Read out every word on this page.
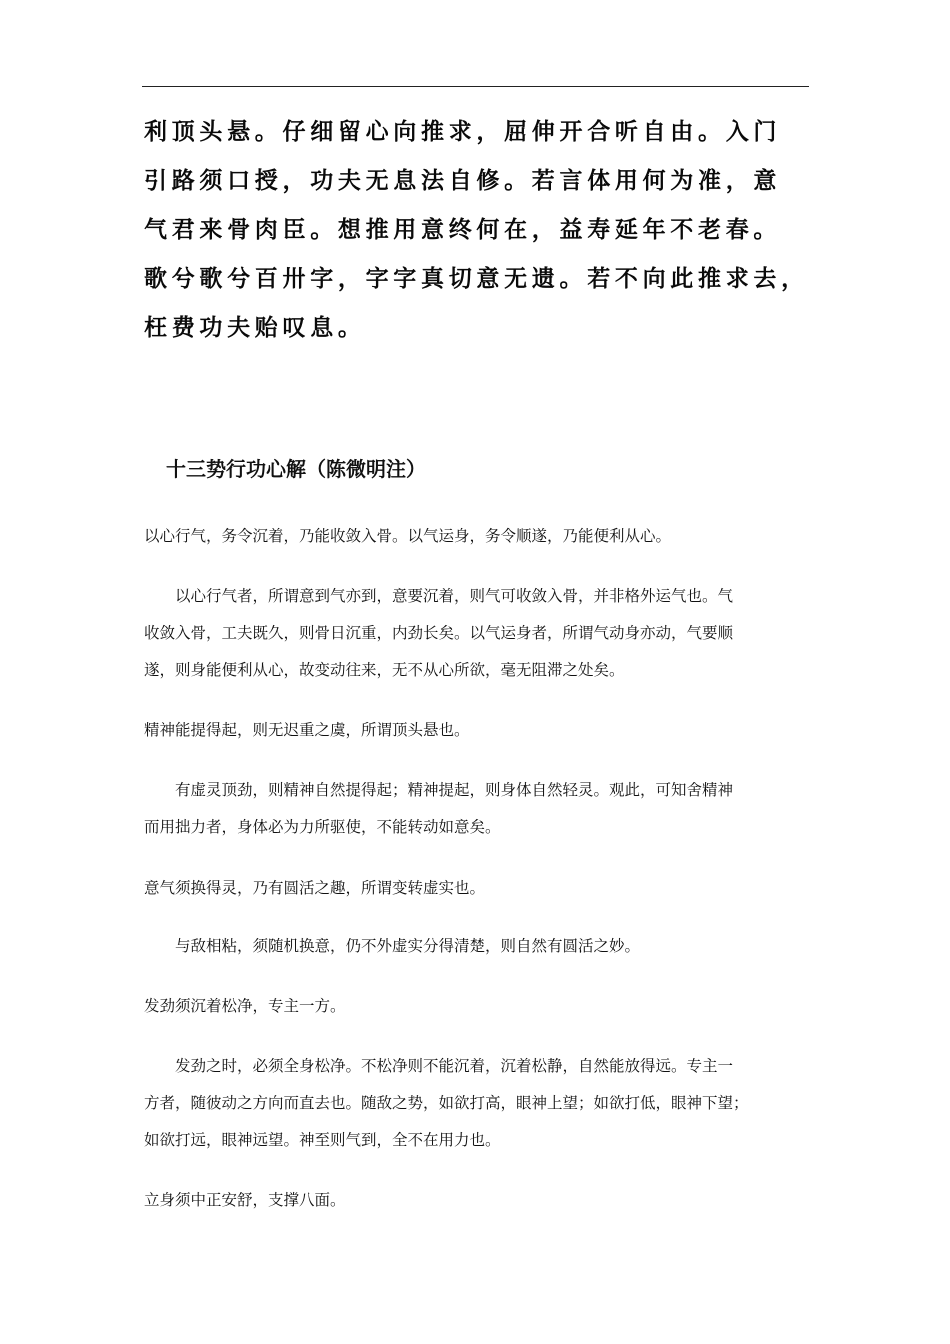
利顶头悬。仔细留心向推求，屈伸开合听自由。入门
引路须口授，功夫无息法自修。若言体用何为准，意
气君来骨肉臣。想推用意终何在，益寿延年不老春。
歌兮歌兮百卅字，字字真切意无遗。若不向此推求去，
枉费功夫贻叹息。
十三势行功心解（陈微明注）
以心行气，务令沉着，乃能收敛入骨。以气运身，务令顺遂，乃能便利从心。
　　以心行气者，所谓意到气亦到，意要沉着，则气可收敛入骨，并非格外运气也。气
收敛入骨，工夫既久，则骨日沉重，内劲长矣。以气运身者，所谓气动身亦动，气要顺
遂，则身能便利从心，故变动往来，无不从心所欲，毫无阻滞之处矣。
精神能提得起，则无迟重之虞，所谓顶头悬也。
　　有虚灵顶劲，则精神自然提得起；精神提起，则身体自然轻灵。观此，可知舍精神
而用拙力者，身体必为力所驱使，不能转动如意矣。
意气须换得灵，乃有圆活之趣，所谓变转虚实也。
　　与敌相粘，须随机换意，仍不外虚实分得清楚，则自然有圆活之妙。
发劲须沉着松净，专主一方。
　　发劲之时，必须全身松净。不松净则不能沉着，沉着松静，自然能放得远。专主一
方者，随彼动之方向而直去也。随敌之势，如欲打高，眼神上望；如欲打低，眼神下望；
如欲打远，眼神远望。神至则气到，全不在用力也。
立身须中正安舒，支撑八面。
